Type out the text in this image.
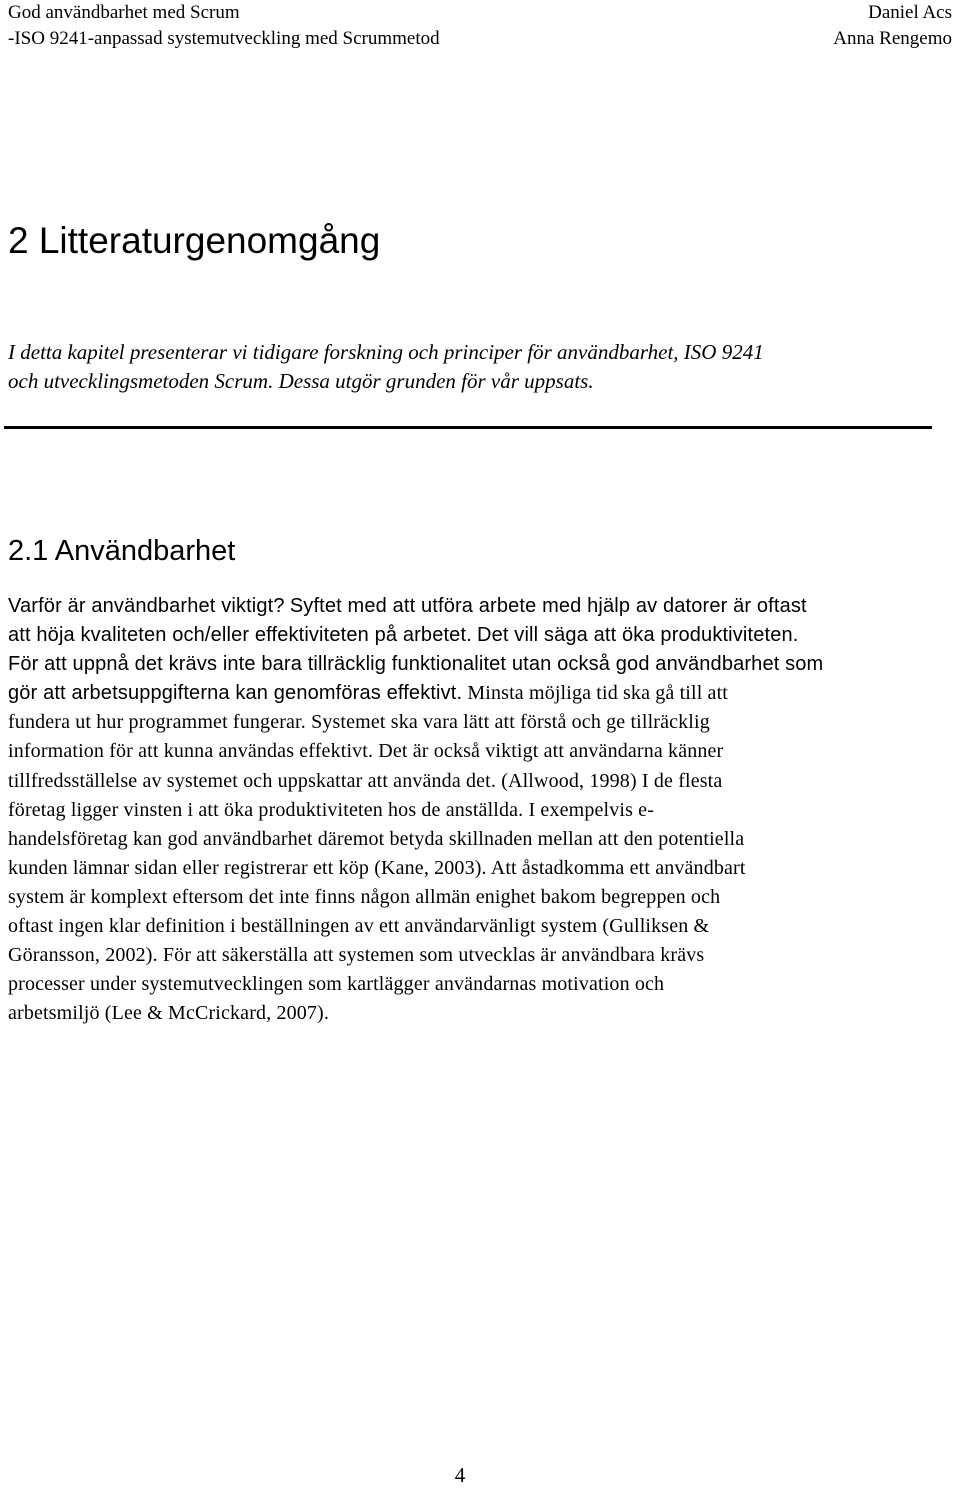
God användbarhet med Scrum
-ISO 9241-anpassad systemutveckling med Scrummetod
Daniel Acs
Anna Rengemo
2 Litteraturgenomgång

I detta kapitel presenterar vi tidigare forskning och principer för användbarhet, ISO 9241
och utvecklingsmetoden Scrum. Dessa utgör grunden för vår uppsats.

2.1 Användbarhet

Varför är användbarhet viktigt? Syftet med att utföra arbete med hjälp av datorer är oftast
att höja kvaliteten och/eller effektiviteten på arbetet. Det vill säga att öka produktiviteten.
För att uppnå det krävs inte bara tillräcklig funktionalitet utan också god användbarhet som
gör att arbetsuppgifterna kan genomföras effektivt. Minsta möjliga tid ska gå till att
fundera ut hur programmet fungerar. Systemet ska vara lätt att förstå och ge tillräcklig
information för att kunna användas effektivt. Det är också viktigt att användarna känner
tillfredsställelse av systemet och uppskattar att använda det. (Allwood, 1998) I de flesta
företag ligger vinsten i att öka produktiviteten hos de anställda. I exempelvis e-
handelsföretag kan god användbarhet däremot betyda skillnaden mellan att den potentiella
kunden lämnar sidan eller registrerar ett köp (Kane, 2003). Att åstadkomma ett användbart
system är komplext eftersom det inte finns någon allmän enighet bakom begreppen och
oftast ingen klar definition i beställningen av ett användarvänligt system (Gulliksen &
Göransson, 2002). För att säkerställa att systemen som utvecklas är användbara krävs
processer under systemutvecklingen som kartlägger användarnas motivation och
arbetsmiljö (Lee & McCrickard, 2007).

4
